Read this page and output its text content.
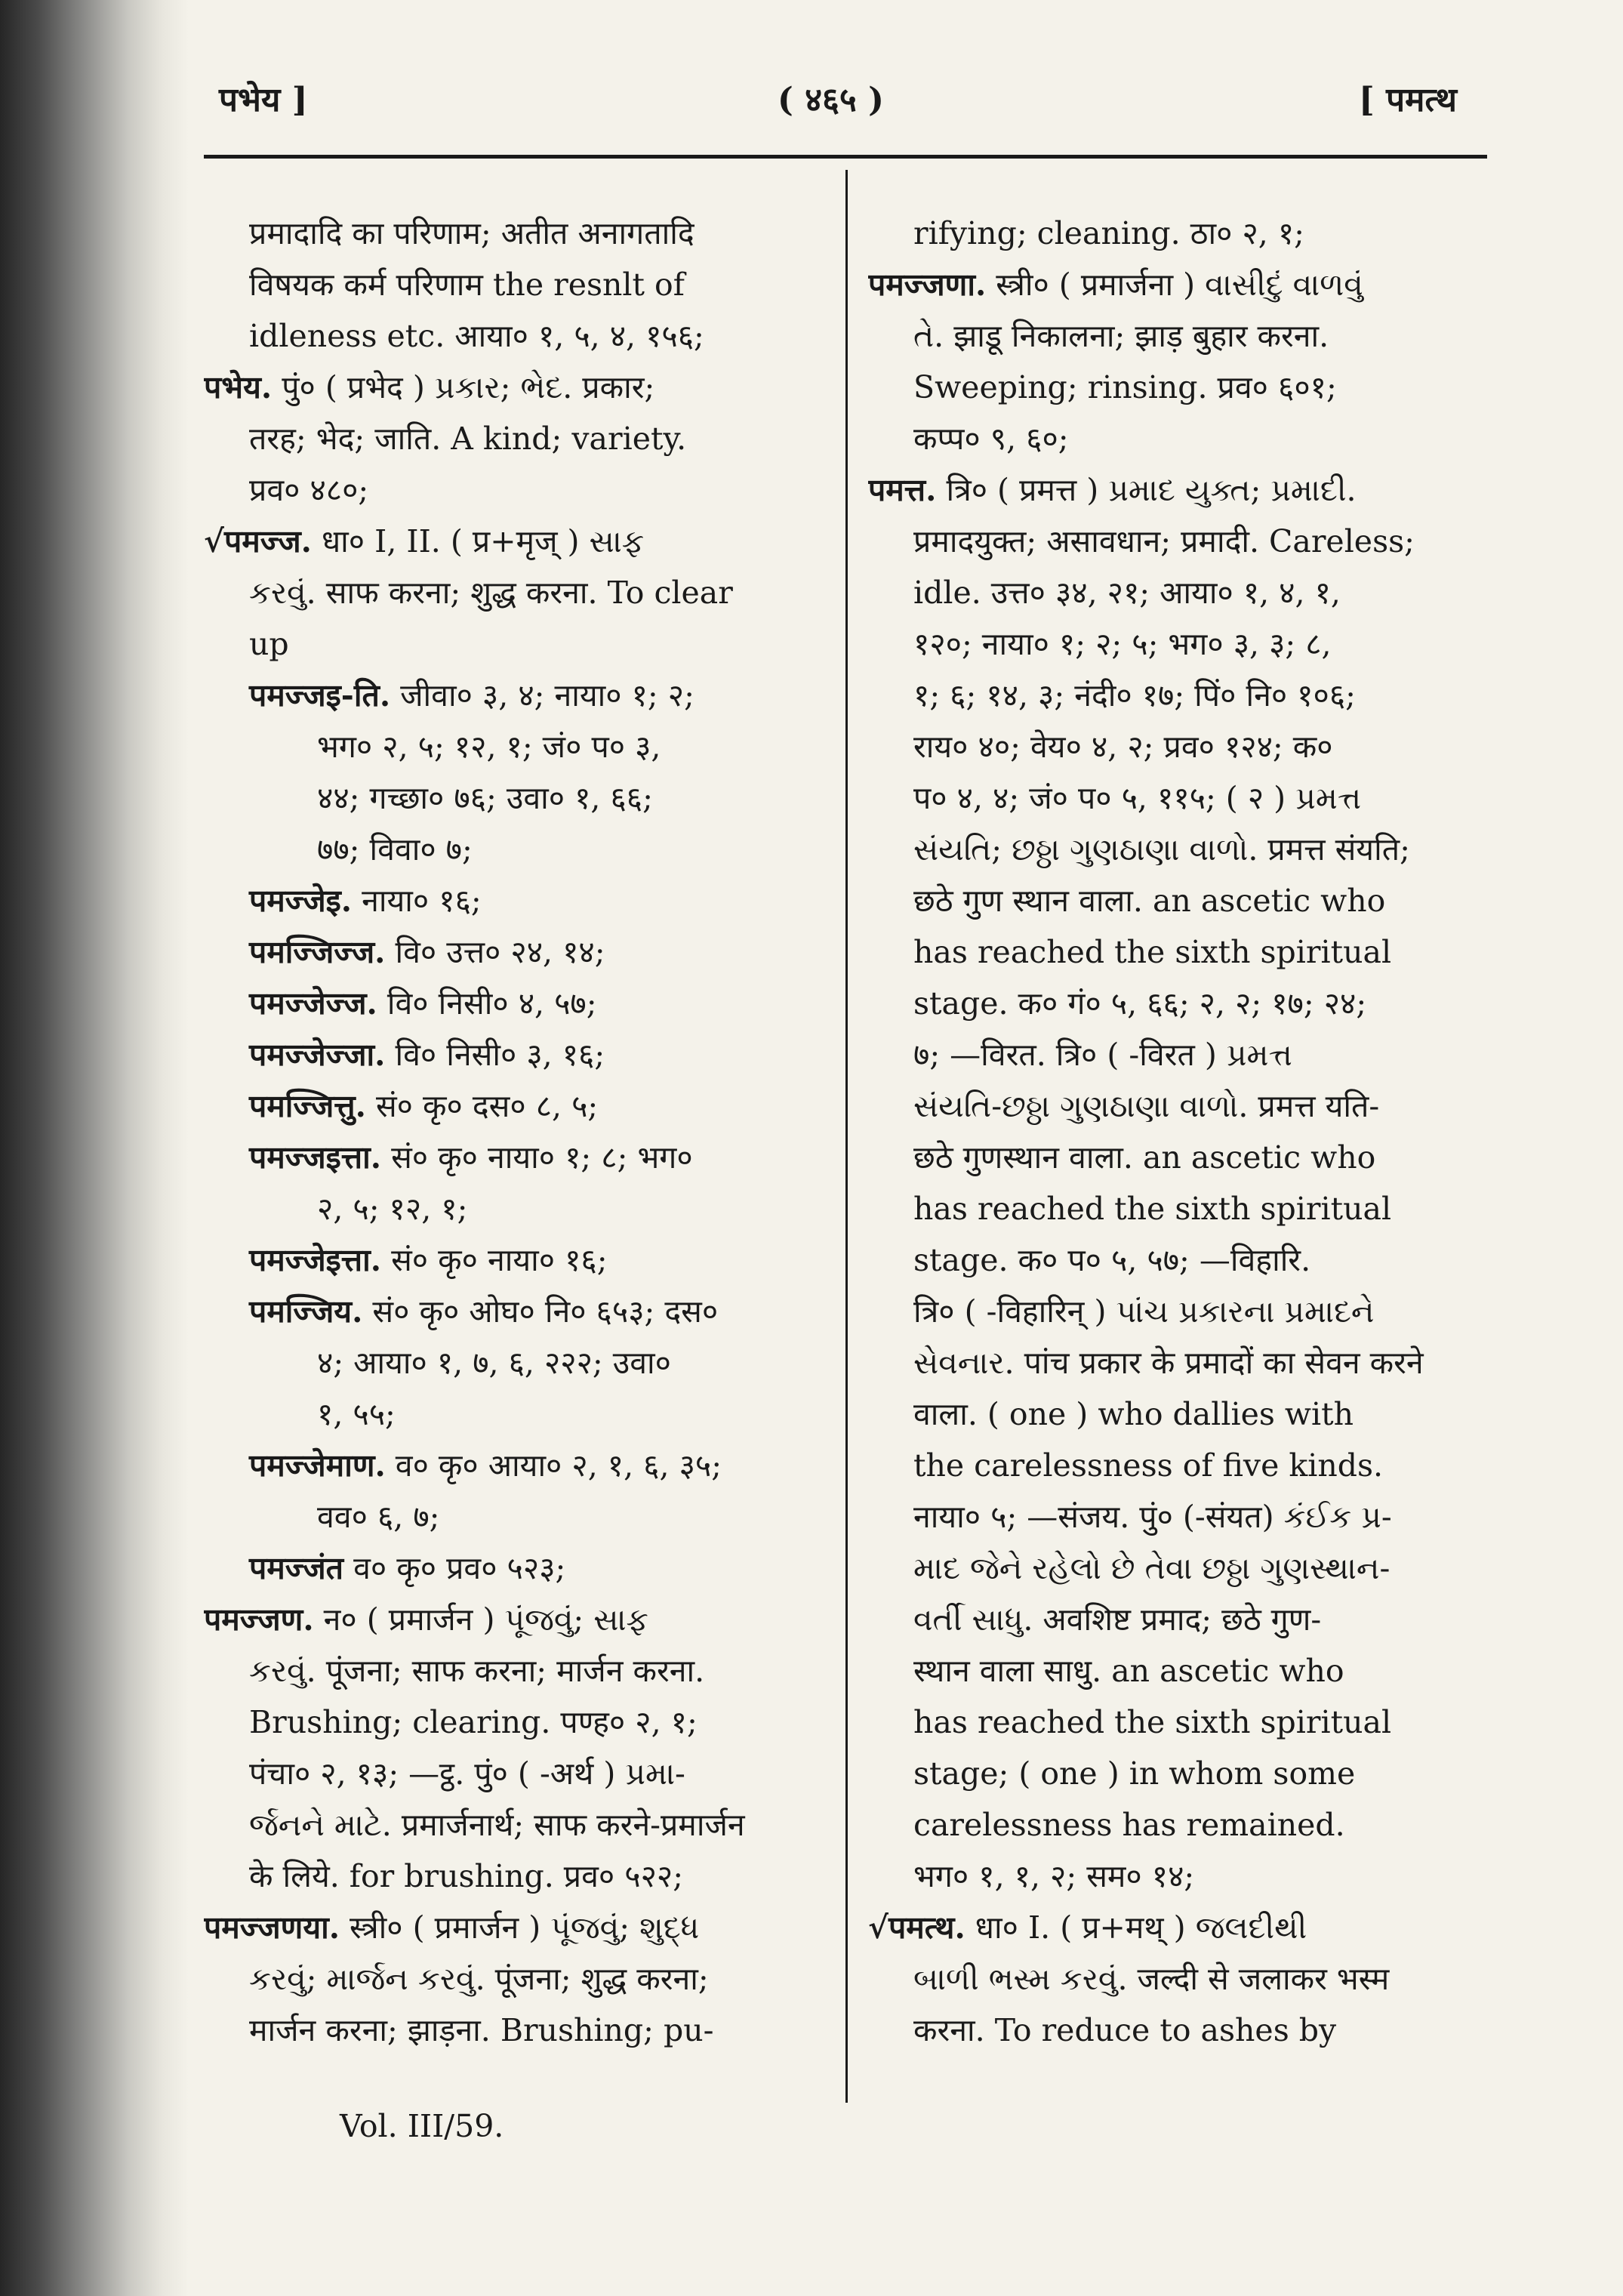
पभेय ]	( ४६५ )	[ पमत्थ
प्रमादादि का परिणाम; अतीत अनागतादि
विषयक कर्म परिणाम the resnlt of
idleness etc. आया० १, ५, ४, १५६;
पभेय. पुं० ( प्रभेद ) પ્રકાર; ભેદ. प्रकार;
तरह; भेद; जाति. A kind; variety.
प्रव० ४८०;
√पमज्ज. धा० I, II. ( प्र+मृज् ) સાફ
કરવું. साफ करना; शुद्ध करना. To clear
up
पमज्जइ-ति. जीवा० ३, ४; नाया० १; २;
भग० २, ५; १२, १; जं० प० ३,
४४; गच्छा० ७६; उवा० १, ६६;
७७; विवा० ७;
पमज्जेइ. नाया० १६;
पमज्जिज्ज. वि० उत्त० २४, १४;
पमज्जेज्ज. वि० निसी० ४, ५७;
पमज्जेज्जा. वि० निसी० ३, १६;
पमज्जित्तु. सं० कृ० दस० ८, ५;
पमज्जइत्ता. सं० कृ० नाया० १; ८; भग०
२, ५; १२, १;
पमज्जेइत्ता. सं० कृ० नाया० १६;
पमज्जिय. सं० कृ० ओघ० नि० ६५३; दस०
४; आया० १, ७, ६, २२२; उवा०
१, ५५;
पमज्जेमाण. व० कृ० आया० २, १, ६, ३५;
वव० ६, ७;
पमज्जंत व० कृ० प्रव० ५२३;
पमज्जण. न० ( प्रमार्जन ) પૂંજવું; સાફ
કરવું. पूंजना; साफ करना; मार्जन करना.
Brushing; clearing. पण्ह० २, १;
पंचा० २, १३; —ट्ठ. पुं० ( -अर्थ ) પ્રમા-
ર્જનને માટે. प्रमार्जनार्थ; साफ करने-प्रमार्जन
के लिये. for brushing. प्रव० ५२२;
पमज्जणया. स्त्री० ( प्रमार्जन ) પૂંજવું; શુદ્ધ
કરવું; માર્જન કરવું. पूंजना; शुद्ध करना;
मार्जन करना; झाड़ना. Brushing; pu-
rifying; cleaning. ठा० २, १;
पमज्जणा. स्त्री० ( प्रमार्जना ) વાસીદું વાળવું
તે. झाडू निकालना; झाड़ बुहार करना.
Sweeping; rinsing. प्रव० ६०१;
कप्प० ९, ६०;
पमत्त. त्रि० ( प्रमत्त ) પ્રમાદ યુક્ત; પ્રમાદી.
प्रमादयुक्त; असावधान; प्रमादी. Careless;
idle. उत्त० ३४, २१; आया० १, ४, १,
१२०; नाया० १; २; ५; भग० ३, ३; ८,
१; ६; १४, ३; नंदी० १७; पिं० नि० १०६;
राय० ४०; वेय० ४, २; प्रव० १२४; क०
प० ४, ४; जं० प० ५, ११५; ( २ ) પ્રમત્ત
સંયતિ; છઠ્ઠા ગુણઠાણા વાળો. प्रमत्त संयति;
छठे गुण स्थान वाला. an ascetic who
has reached the sixth spiritual
stage. क० गं० ५, ६६; २, २; १७; २४;
७; —विरत. त्रि० ( -विरत ) પ્રમત્ત
સંયતિ-છઠ્ઠા ગુણઠાણા વાળો. प्रमत्त यति-
छठे गुणस्थान वाला. an ascetic who
has reached the sixth spiritual
stage. क० प० ५, ५७; —विहारि.
त्रि० ( -विहारिन् ) પાંચ પ્રકારના પ્રમાદને
સેવનાર. पांच प्रकार के प्रमादों का सेवन करने
वाला. ( one ) who dallies with
the carelessness of five kinds.
नाया० ५; —संजय. पुं० (-संयत) કંઈક પ્ર-
માદ જેને રહેલો છે તેવા છઠ્ઠા ગુણસ્થાન-
વર્તી સાધુ. अवशिष्ट प्रमाद; छठे गुण-
स्थान वाला साधु. an ascetic who
has reached the sixth spiritual
stage; ( one ) in whom some
carelessness has remained.
भग० १, १, २; सम० १४;
√पमत्थ. धा० I. ( प्र+मथ् ) જલદીથી
બાળી ભસ્મ કરવું. जल्दी से जलाकर भस्म
करना. To reduce to ashes by
Vol. III/59.
